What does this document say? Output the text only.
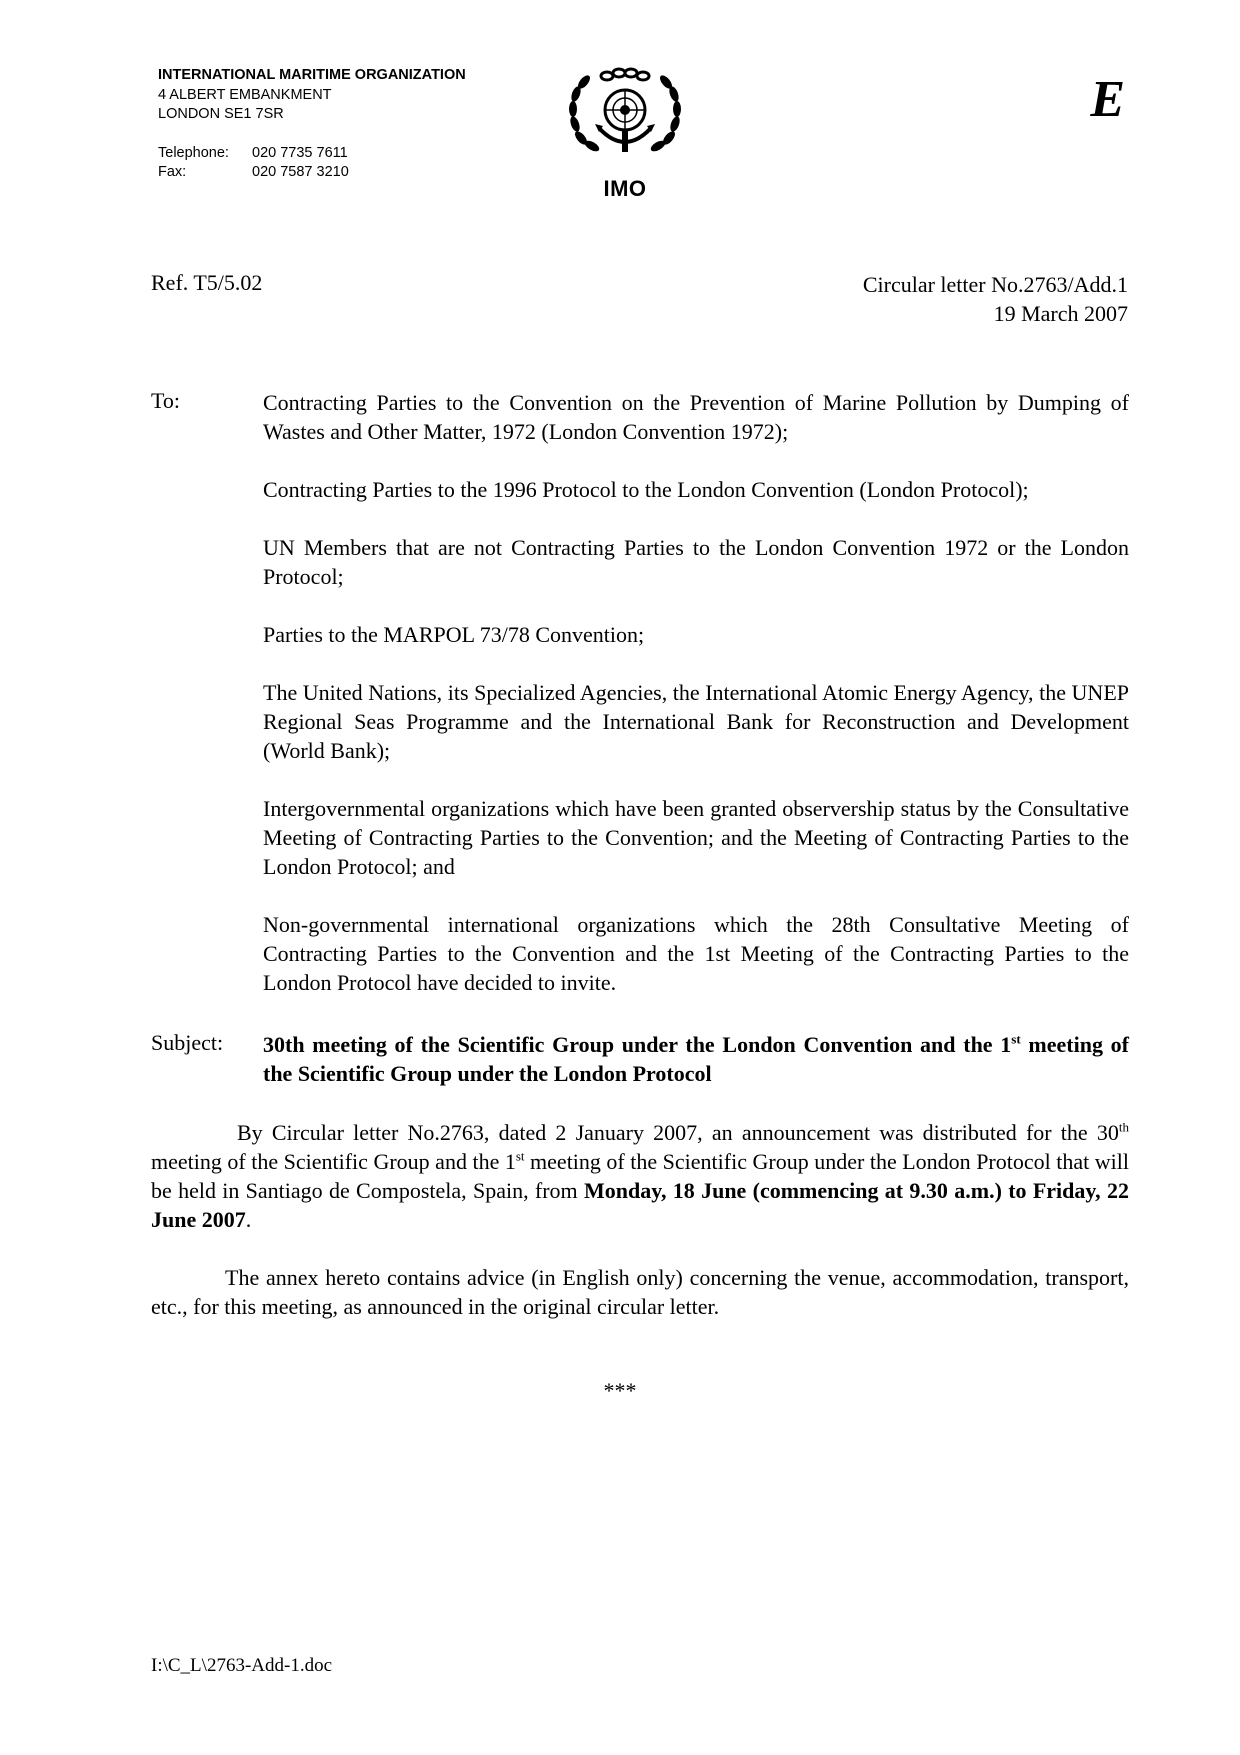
INTERNATIONAL MARITIME ORGANIZATION
4 ALBERT EMBANKMENT
LONDON SE1 7SR
Telephone:	020 7735 7611
Fax:	020 7587 3210
IMO
E
Ref. T5/5.02	Circular letter No.2763/Add.1
19 March 2007
To:	Contracting Parties to the Convention on the Prevention of Marine Pollution by Dumping of Wastes and Other Matter, 1972 (London Convention 1972);

Contracting Parties to the 1996 Protocol to the London Convention (London Protocol);

UN Members that are not Contracting Parties to the London Convention 1972 or the London Protocol;

Parties to the MARPOL 73/78 Convention;

The United Nations, its Specialized Agencies, the International Atomic Energy Agency, the UNEP Regional Seas Programme and the International Bank for Reconstruction and Development (World Bank);

Intergovernmental organizations which have been granted observership status by the Consultative Meeting of Contracting Parties to the Convention; and the Meeting of Contracting Parties to the London Protocol; and

Non-governmental international organizations which the 28th Consultative Meeting of Contracting Parties to the Convention and the 1st Meeting of the Contracting Parties to the London Protocol have decided to invite.

Subject: 30th meeting of the Scientific Group under the London Convention and the 1st meeting of the Scientific Group under the London Protocol
By Circular letter No.2763, dated 2 January 2007, an announcement was distributed for the 30th meeting of the Scientific Group and the 1st meeting of the Scientific Group under the London Protocol that will be held in Santiago de Compostela, Spain, from Monday, 18 June (commencing at 9.30 a.m.) to Friday, 22 June 2007.
The annex hereto contains advice (in English only) concerning the venue, accommodation, transport, etc., for this meeting, as announced in the original circular letter.
***
I:\C_L\2763-Add-1.doc
